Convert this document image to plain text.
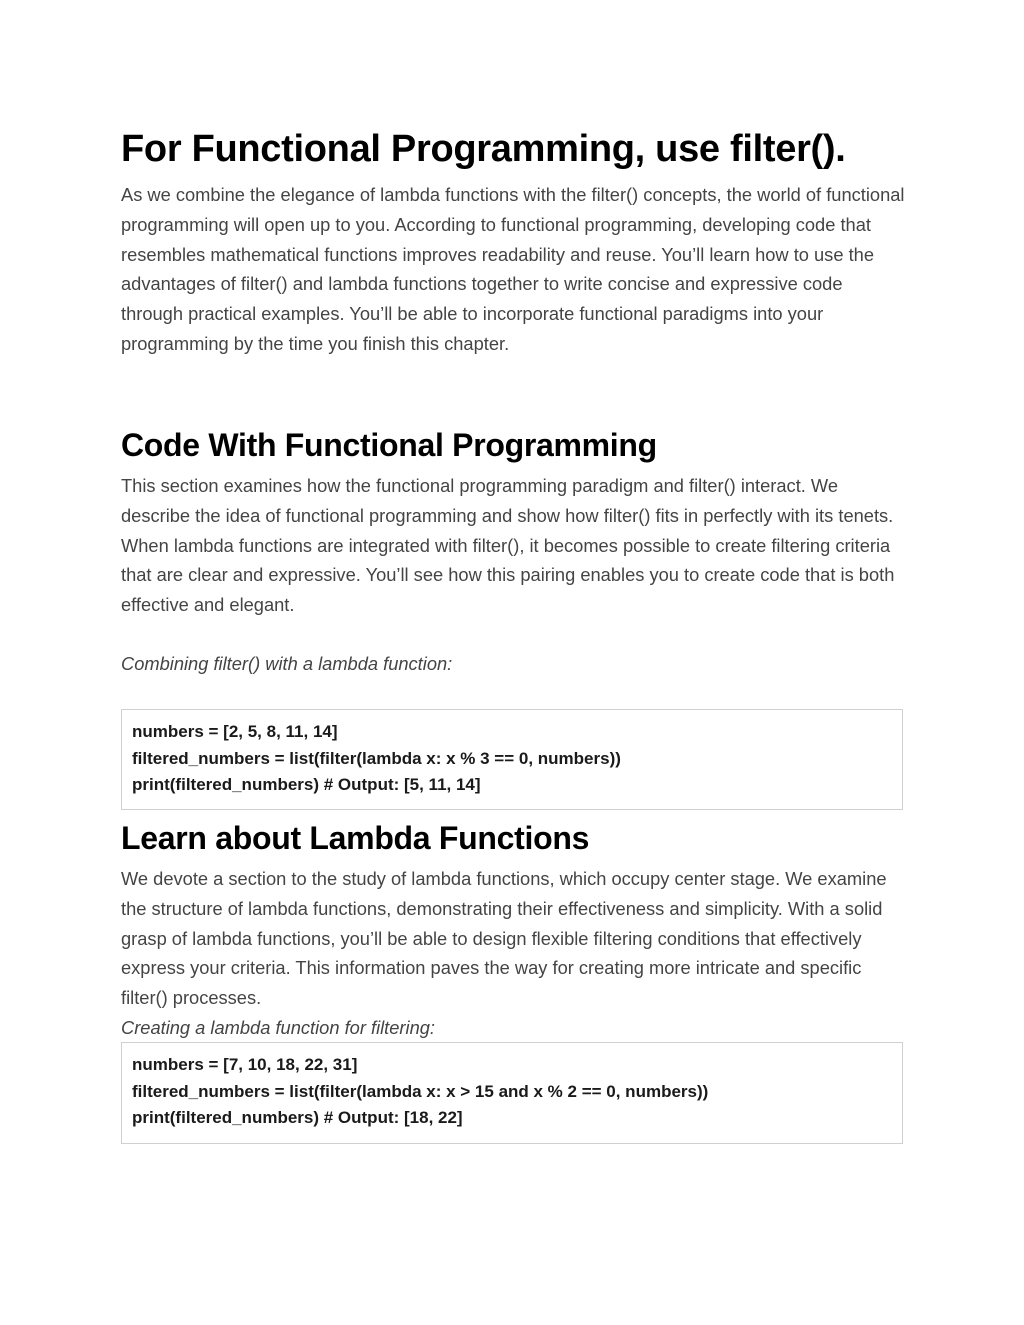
For Functional Programming, use filter().

As we combine the elegance of lambda functions with the filter() concepts, the world of functional programming will open up to you. According to functional programming, developing code that resembles mathematical functions improves readability and reuse. You’ll learn how to use the advantages of filter() and lambda functions together to write concise and expressive code through practical examples. You’ll be able to incorporate functional paradigms into your programming by the time you finish this chapter.

Code With Functional Programming

This section examines how the functional programming paradigm and filter() interact. We describe the idea of functional programming and show how filter() fits in perfectly with its tenets. When lambda functions are integrated with filter(), it becomes possible to create filtering criteria that are clear and expressive. You’ll see how this pairing enables you to create code that is both effective and elegant.

Combining filter() with a lambda function:

numbers = [2, 5, 8, 11, 14]
filtered_numbers = list(filter(lambda x: x % 3 == 0, numbers))
print(filtered_numbers) # Output: [5, 11, 14]
Learn about Lambda Functions

We devote a section to the study of lambda functions, which occupy center stage. We examine the structure of lambda functions, demonstrating their effectiveness and simplicity. With a solid grasp of lambda functions, you’ll be able to design flexible filtering conditions that effectively express your criteria. This information paves the way for creating more intricate and specific filter() processes.

Creating a lambda function for filtering:

numbers = [7, 10, 18, 22, 31]
filtered_numbers = list(filter(lambda x: x > 15 and x % 2 == 0, numbers))
print(filtered_numbers) # Output: [18, 22]
